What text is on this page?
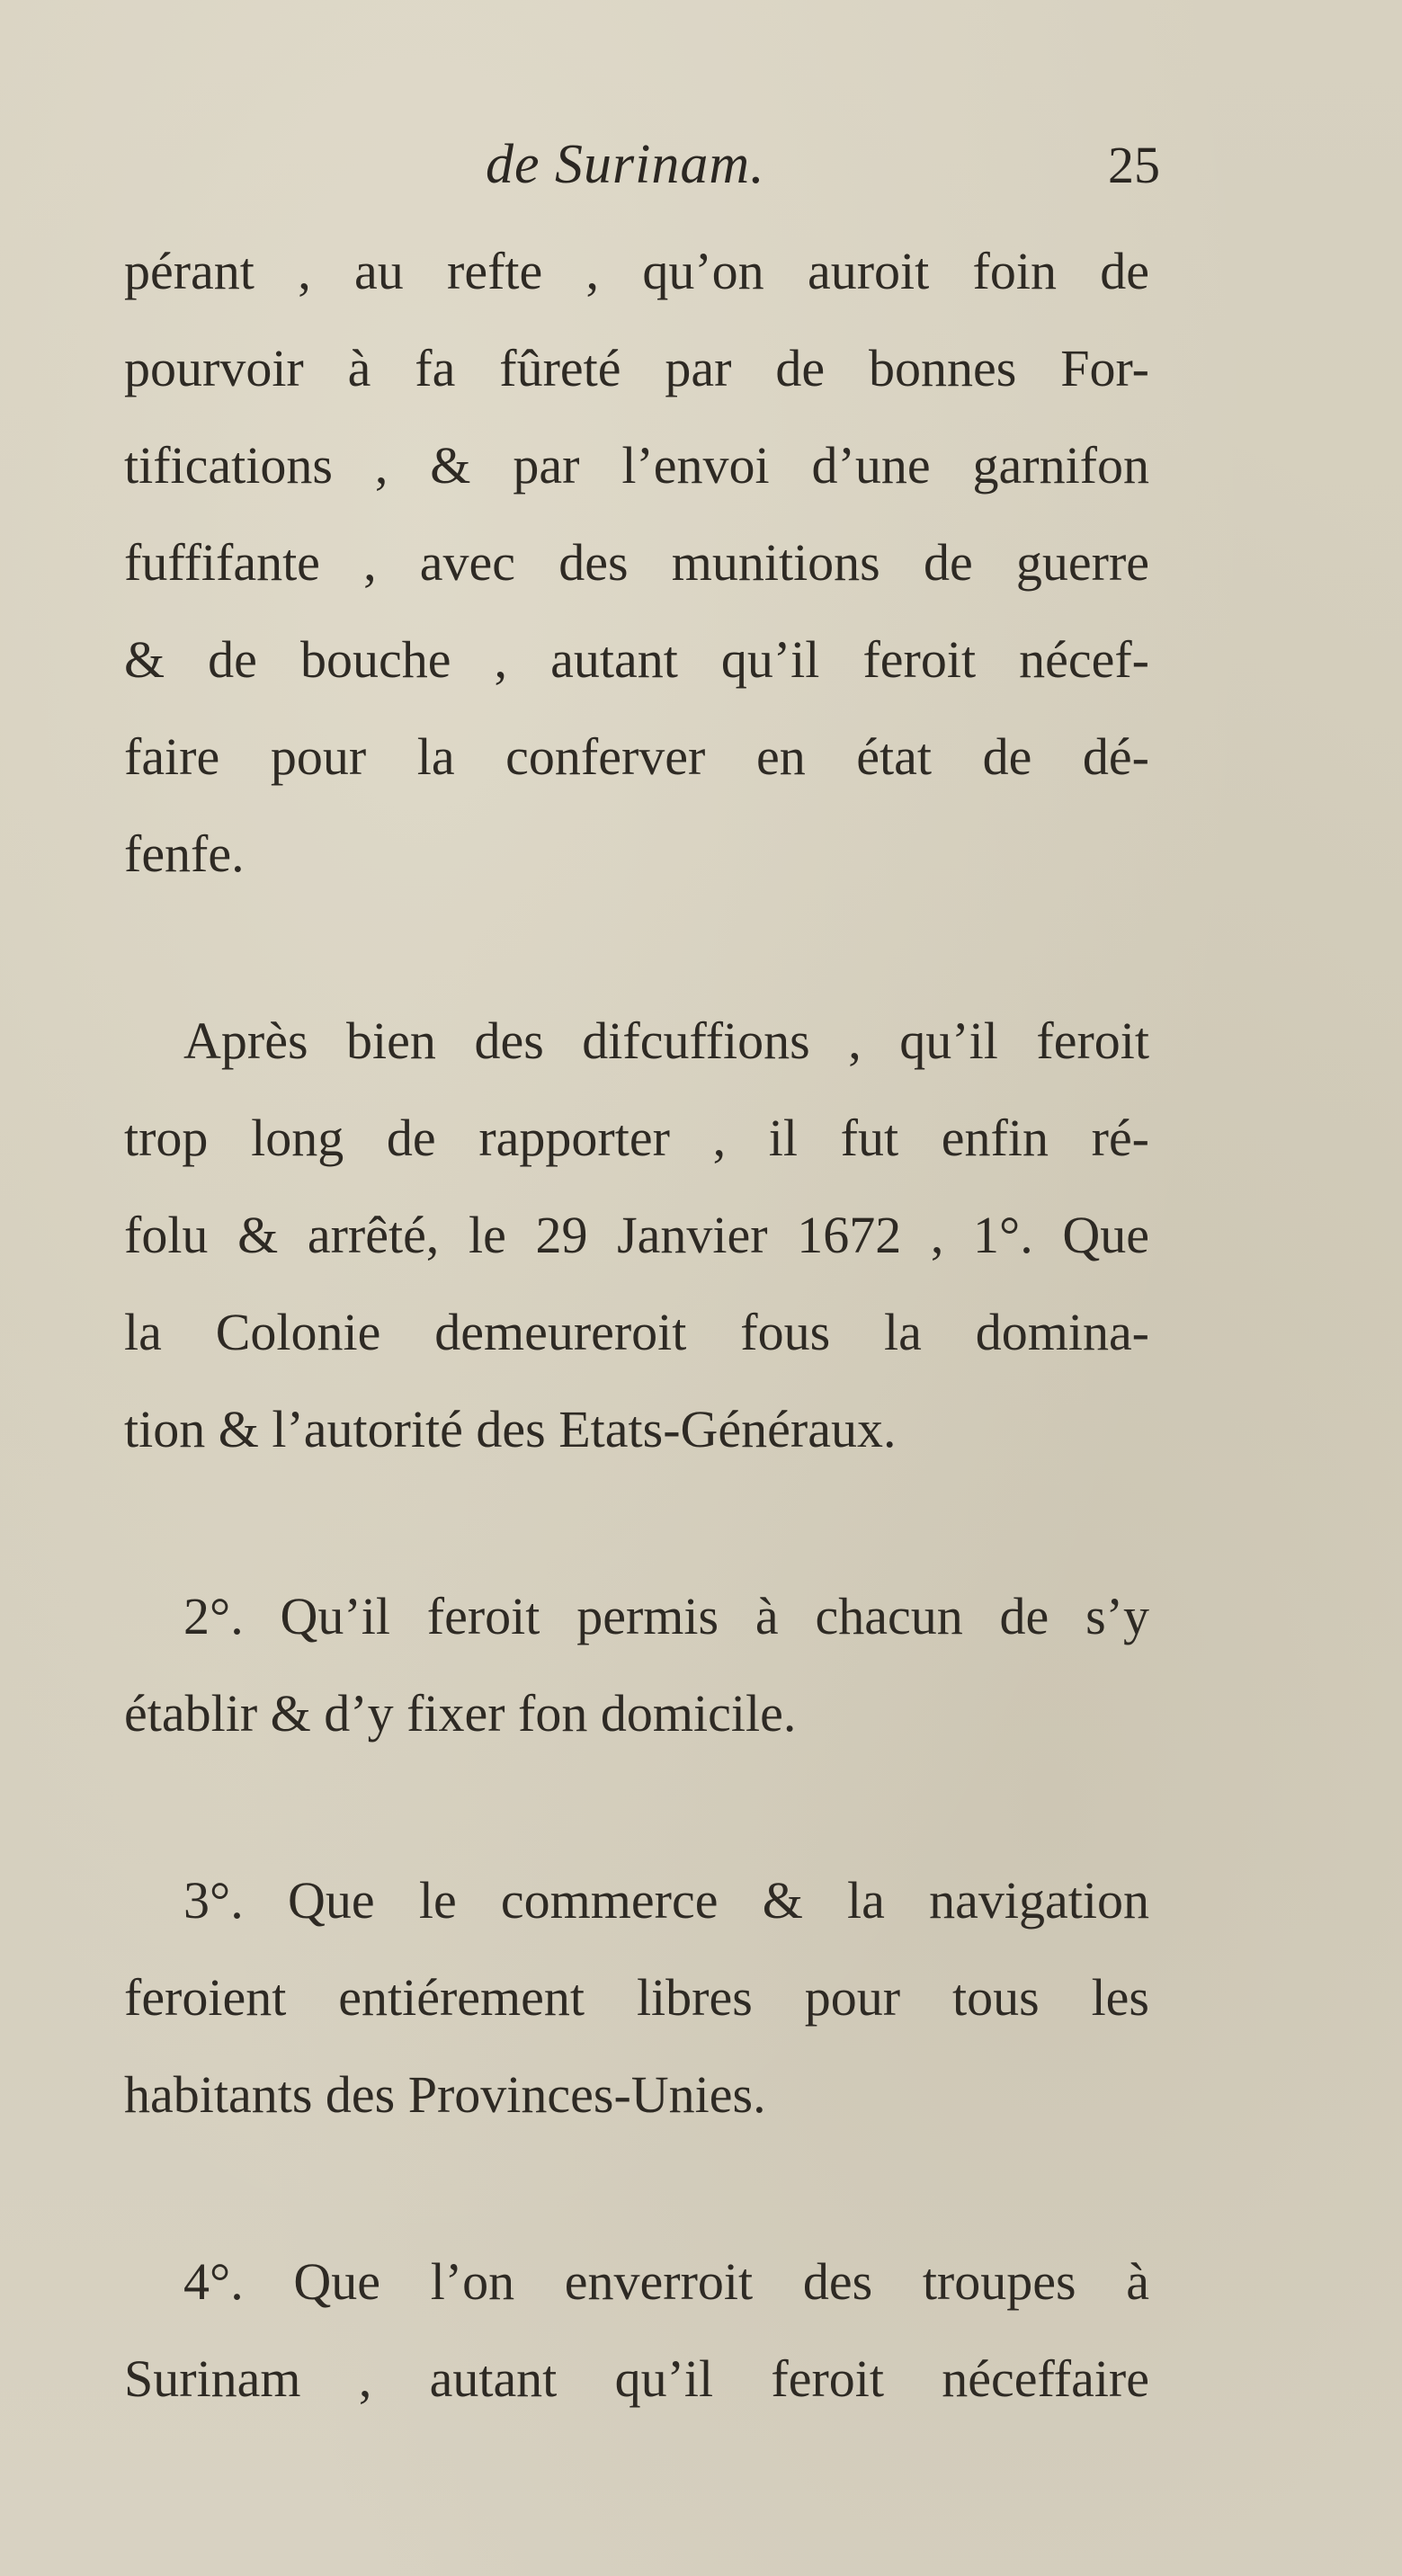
de Surinam.	25
pérant , au refte , qu’on auroit foin de
pourvoir à fa fûreté par de bonnes For-
tifications , & par l’envoi d’une garnifon
fuffifante , avec des munitions de guerre
& de bouche , autant qu’il feroit nécef-
faire pour la conferver en état de dé-
fenfe.
Après bien des difcuffions , qu’il feroit
trop long de rapporter , il fut enfin ré-
folu & arrêté, le 29 Janvier 1672 , 1°. Que
la Colonie demeureroit fous la domina-
tion & l’autorité des Etats-Généraux.
2°. Qu’il feroit permis à chacun de s’y
établir & d’y fixer fon domicile.
3°. Que le commerce & la navigation
feroient entiérement libres pour tous les
habitants des Provinces-Unies.
4°. Que l’on enverroit des troupes à
Surinam , autant qu’il feroit néceffaire
